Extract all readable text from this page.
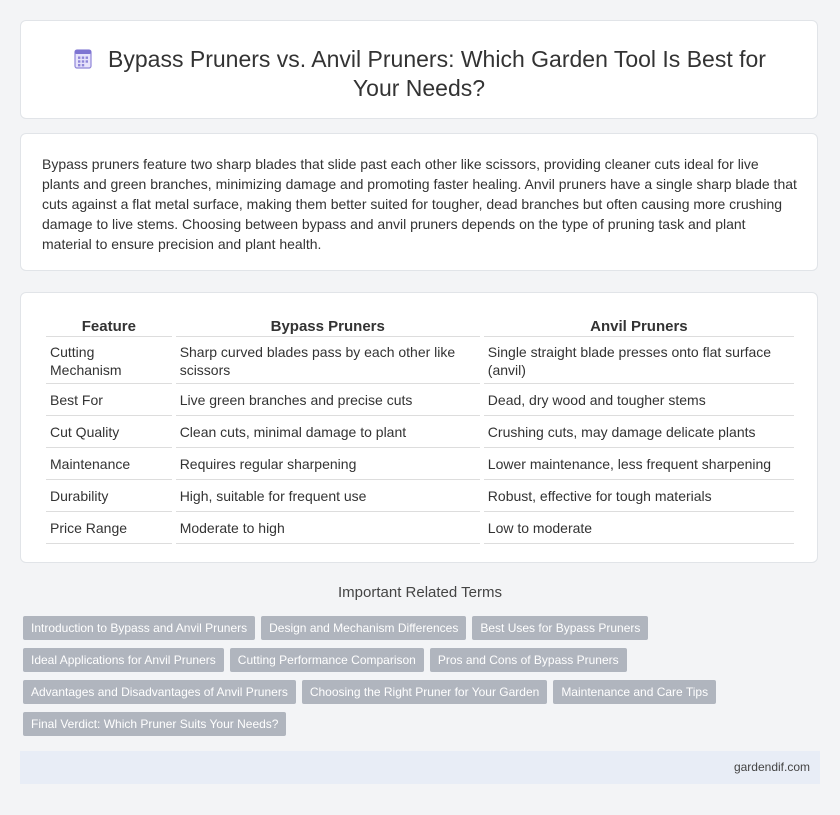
Bypass Pruners vs. Anvil Pruners: Which Garden Tool Is Best for Your Needs?

Bypass pruners feature two sharp blades that slide past each other like scissors, providing cleaner cuts ideal for live plants and green branches, minimizing damage and promoting faster healing. Anvil pruners have a single sharp blade that cuts against a flat metal surface, making them better suited for tougher, dead branches but often causing more crushing damage to live stems. Choosing between bypass and anvil pruners depends on the type of pruning task and plant material to ensure precision and plant health.

Feature	Bypass Pruners	Anvil Pruners
Cutting Mechanism	Sharp curved blades pass by each other like scissors	Single straight blade presses onto flat surface (anvil)
Best For	Live green branches and precise cuts	Dead, dry wood and tougher stems
Cut Quality	Clean cuts, minimal damage to plant	Crushing cuts, may damage delicate plants
Maintenance	Requires regular sharpening	Lower maintenance, less frequent sharpening
Durability	High, suitable for frequent use	Robust, effective for tough materials
Price Range	Moderate to high	Low to moderate
Important Related Terms
Introduction to Bypass and Anvil Pruners Design and Mechanism Differences Best Uses for Bypass Pruners
Ideal Applications for Anvil Pruners Cutting Performance Comparison Pros and Cons of Bypass Pruners
Advantages and Disadvantages of Anvil Pruners Choosing the Right Pruner for Your Garden Maintenance and Care Tips
Final Verdict: Which Pruner Suits Your Needs?
gardendif.com
